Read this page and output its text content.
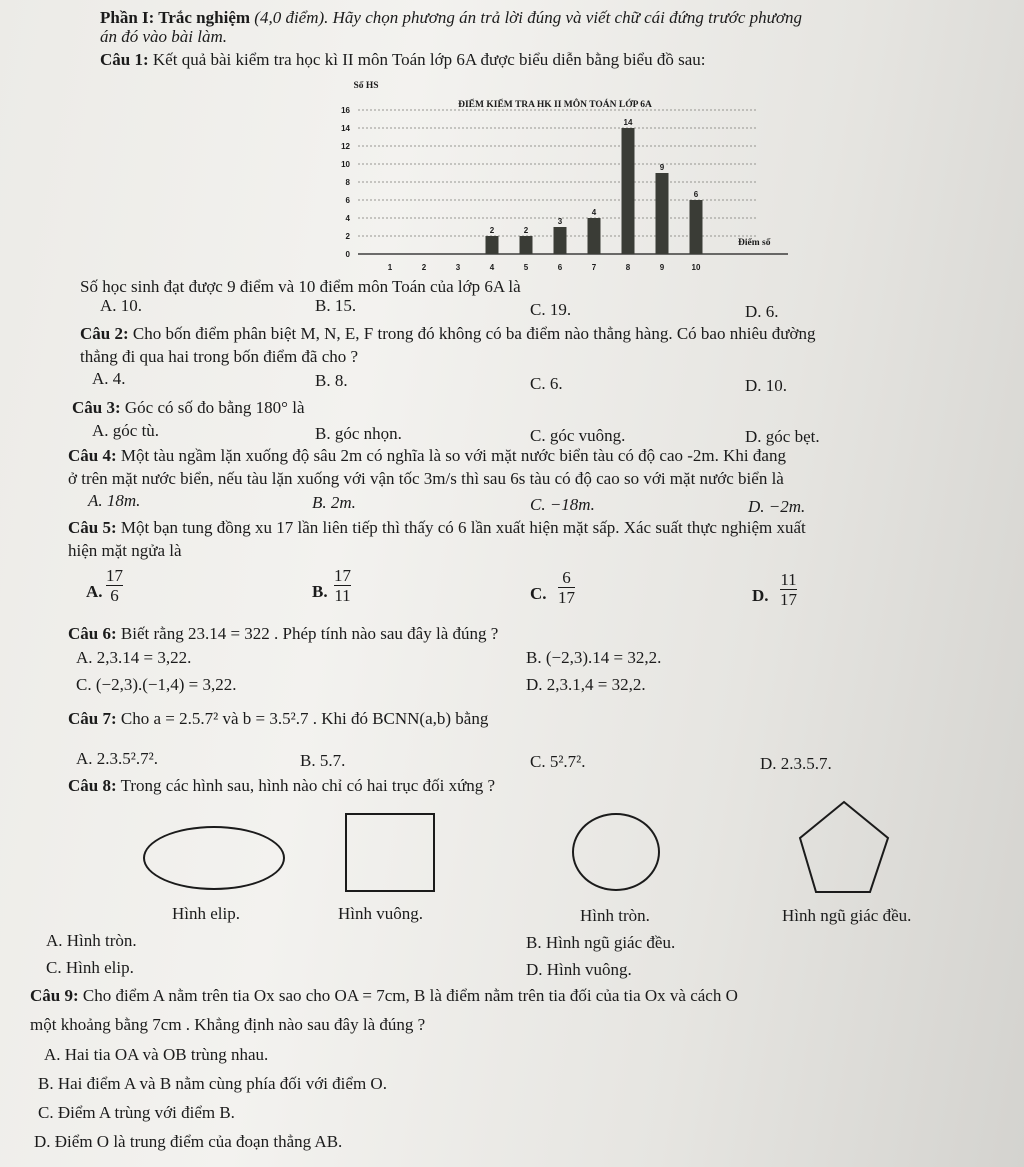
Phần I: Trắc nghiệm (4,0 điểm). Hãy chọn phương án trả lời đúng và viết chữ cái đứng trước phương
án đó vào bài làm.
Câu 1: Kết quả bài kiểm tra học kì II môn Toán lớp 6A được biểu diễn bằng biểu đồ sau:
ĐIỂM KIỂM TRA HK II MÔN TOÁN LỚP 6A
Số HS
0
2
4
6
8
10
12
14
16
1	2	3
2
4
2
5
3
6
4
7
14
8
9
9
6
10
Điểm số
Số học sinh đạt được 9 điểm và 10 điểm môn Toán của lớp 6A là
A. 10.	B. 15.	C. 19.	D. 6.
Câu 2: Cho bốn điểm phân biệt M, N, E, F trong đó không có ba điểm nào thẳng hàng. Có bao nhiêu đường
thẳng đi qua hai trong bốn điểm đã cho ?
A. 4.	B. 8.	C. 6.	D. 10.
Câu 3: Góc có số đo bằng 180° là
A. góc tù.	B. góc nhọn.	C. góc vuông.	D. góc bẹt.
Câu 4: Một tàu ngầm lặn xuống độ sâu 2m có nghĩa là so với mặt nước biển tàu có độ cao -2m. Khi đang
ở trên mặt nước biển, nếu tàu lặn xuống với vận tốc 3m/s thì sau 6s tàu có độ cao so với mặt nước biển là
A. 18m.	B. 2m.	C. −18m.	D. −2m.
Câu 5: Một bạn tung đồng xu 17 lần liên tiếp thì thấy có 6 lần xuất hiện mặt sấp. Xác suất thực nghiệm xuất
hiện mặt ngửa là
A.
17
6	B.
17
11	C.
6
17	D.
11
17
Câu 6: Biết rằng 23.14 = 322 . Phép tính nào sau đây là đúng ?
A. 2,3.14 = 3,22.	B. (−2,3).14 = 32,2.
C. (−2,3).(−1,4) = 3,22.	D. 2,3.1,4 = 32,2.
Câu 7: Cho a = 2.5.7² và b = 3.5².7 . Khi đó BCNN(a,b) bằng
A. 2.3.5².7².	B. 5.7.	C. 5².7².	D. 2.3.5.7.
Câu 8: Trong các hình sau, hình nào chỉ có hai trục đối xứng ?
Hình elip.	Hình vuông.	Hình tròn.	Hình ngũ giác đều.
A. Hình tròn.	B. Hình ngũ giác đều.
C. Hình elip.	D. Hình vuông.
Câu 9: Cho điểm A nằm trên tia Ox sao cho OA = 7cm, B là điểm nằm trên tia đối của tia Ox và cách O
một khoảng bằng 7cm . Khẳng định nào sau đây là đúng ?
A. Hai tia OA và OB trùng nhau.
B. Hai điểm A và B nằm cùng phía đối với điểm O.
C. Điểm A trùng với điểm B.
D. Điểm O là trung điểm của đoạn thẳng AB.
